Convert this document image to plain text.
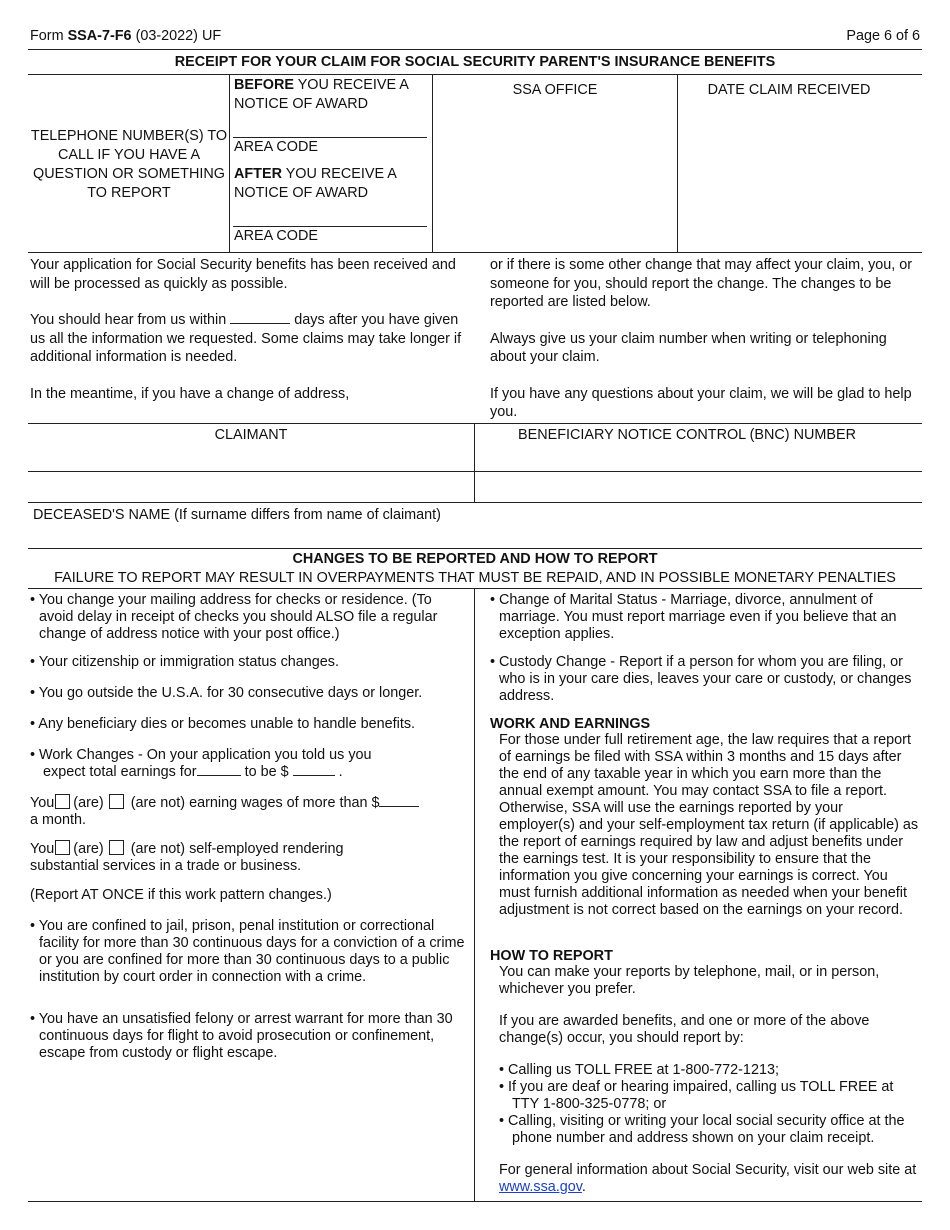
Form SSA-7-F6 (03-2022) UF	Page 6 of 6
RECEIPT FOR YOUR CLAIM FOR SOCIAL SECURITY PARENT'S INSURANCE BENEFITS
TELEPHONE NUMBER(S) TO CALL IF YOU HAVE A QUESTION OR SOMETHING TO REPORT
BEFORE YOU RECEIVE A NOTICE OF AWARD
AREA CODE
AFTER YOU RECEIVE A NOTICE OF AWARD
AREA CODE
SSA OFFICE	DATE CLAIM RECEIVED
Your application for Social Security benefits has been received and will be processed as quickly as possible.
You should hear from us within	days after you have given us all the information we requested. Some claims may take longer if additional information is needed.
In the meantime, if you have a change of address,
or if there is some other change that may affect your claim, you, or someone for you, should report the change. The changes to be reported are listed below.
Always give us your claim number when writing or telephoning about your claim.
If you have any questions about your claim, we will be glad to help you.
CLAIMANT	BENEFICIARY NOTICE CONTROL (BNC) NUMBER
DECEASED'S NAME (If surname differs from name of claimant)
CHANGES TO BE REPORTED AND HOW TO REPORT
FAILURE TO REPORT MAY RESULT IN OVERPAYMENTS THAT MUST BE REPAID, AND IN POSSIBLE MONETARY PENALTIES
• You change your mailing address for checks or residence. (To avoid delay in receipt of checks you should ALSO file a regular change of address notice with your post office.)
• Your citizenship or immigration status changes.
• You go outside the U.S.A. for 30 consecutive days or longer.
• Any beneficiary dies or becomes unable to handle benefits.
• Work Changes - On your application you told us you
expect total earnings for	to be $	.
You (are) (are not) earning wages of more than $
a month.
You (are) (are not) self-employed rendering
substantial services in a trade or business.
(Report AT ONCE if this work pattern changes.)
• You are confined to jail, prison, penal institution or correctional facility for more than 30 continuous days for a conviction of a crime or you are confined for more than 30 continuous days to a public institution by court order in connection with a crime.
• You have an unsatisfied felony or arrest warrant for more than 30 continuous days for flight to avoid prosecution or confinement, escape from custody or flight escape.
• Change of Marital Status - Marriage, divorce, annulment of marriage. You must report marriage even if you believe that an exception applies.
• Custody Change - Report if a person for whom you are filing, or who is in your care dies, leaves your care or custody, or changes address.
WORK AND EARNINGS
For those under full retirement age, the law requires that a report of earnings be filed with SSA within 3 months and 15 days after the end of any taxable year in which you earn more than the annual exempt amount. You may contact SSA to file a report. Otherwise, SSA will use the earnings reported by your employer(s) and your self-employment tax return (if applicable) as the report of earnings required by law and adjust benefits under the earnings test. It is your responsibility to ensure that the information you give concerning your earnings is correct. You must furnish additional information as needed when your benefit adjustment is not correct based on the earnings on your record.
HOW TO REPORT
You can make your reports by telephone, mail, or in person, whichever you prefer.
If you are awarded benefits, and one or more of the above change(s) occur, you should report by:
• Calling us TOLL FREE at 1-800-772-1213;
• If you are deaf or hearing impaired, calling us TOLL FREE at TTY 1-800-325-0778; or
• Calling, visiting or writing your local social security office at the phone number and address shown on your claim receipt.
For general information about Social Security, visit our web site at www.ssa.gov.
